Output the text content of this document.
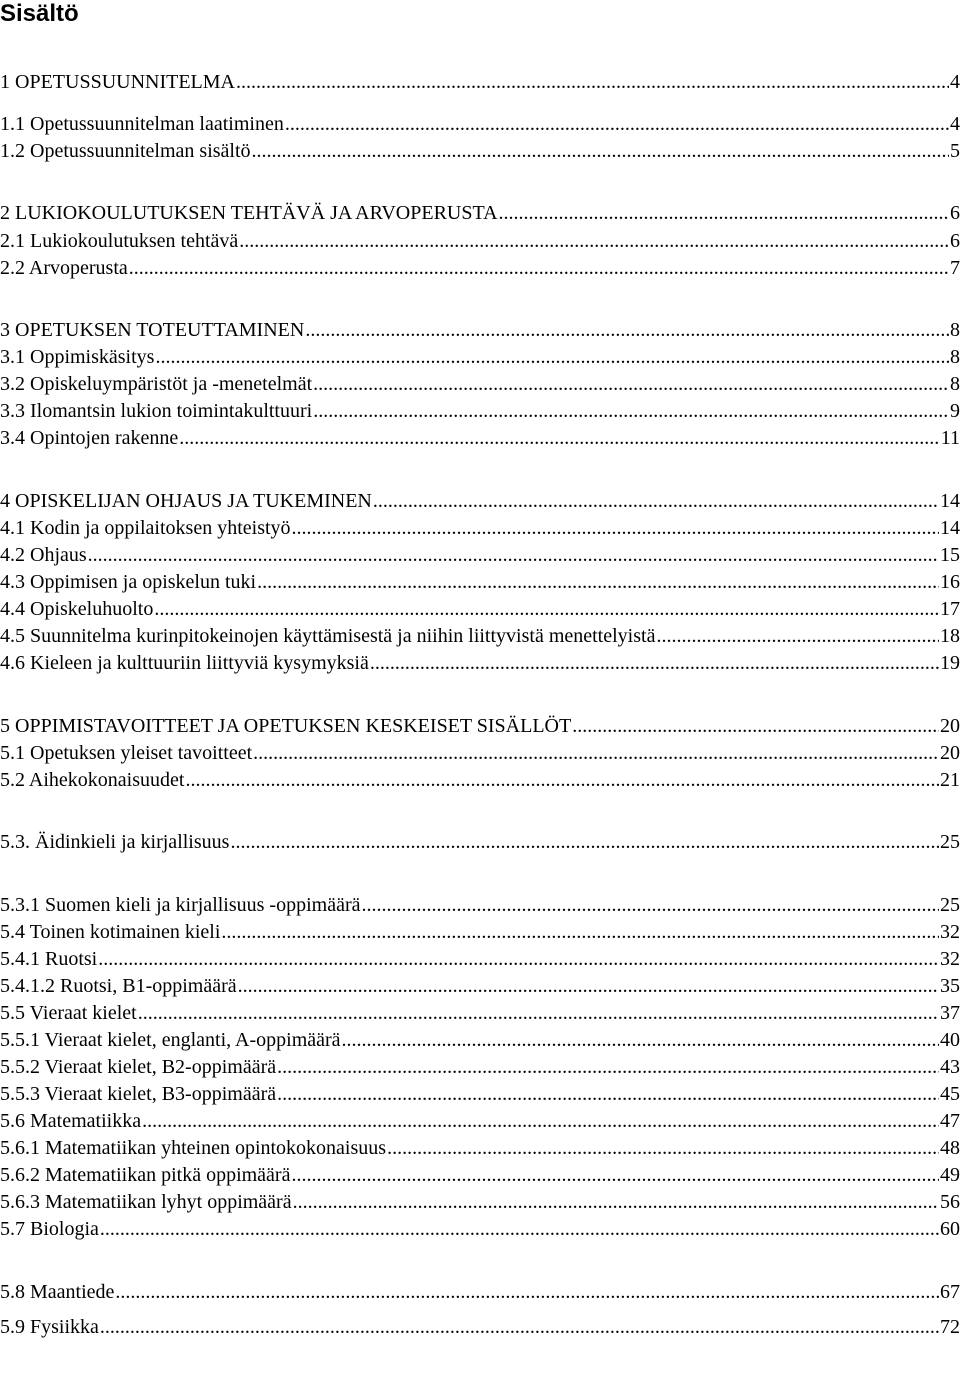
Sisältö
1 OPETUSSUUNNITELMA .....	4
1.1 Opetussuunnitelman laatiminen .....	4
1.2 Opetussuunnitelman sisältö .....	5
2 LUKIOKOULUTUKSEN TEHTÄVÄ JA ARVOPERUSTA .....	6
2.1 Lukiokoulutuksen tehtävä .....	6
2.2 Arvoperusta .....	7
3 OPETUKSEN TOTEUTTAMINEN .....	8
3.1 Oppimiskäsitys .....	8
3.2 Opiskeluympäristöt ja -menetelmät .....	8
3.3 Ilomantsin lukion toimintakulttuuri .....	9
3.4 Opintojen rakenne .....	11
4 OPISKELIJAN OHJAUS JA TUKEMINEN .....	14
4.1 Kodin ja oppilaitoksen yhteistyö .....	14
4.2 Ohjaus .....	15
4.3 Oppimisen ja opiskelun tuki .....	16
4.4 Opiskeluhuolto .....	17
4.5 Suunnitelma kurinpitokeinojen käyttämisestä ja niihin liittyvistä menettelyistä .....	18
4.6 Kieleen ja kulttuuriin liittyviä kysymyksiä .....	19
5 OPPIMISTAVOITTEET JA OPETUKSEN KESKEISET SISÄLLÖT .....	20
5.1 Opetuksen yleiset tavoitteet .....	20
5.2 Aihekokonaisuudet .....	21
5.3. Äidinkieli ja kirjallisuus .....	25
5.3.1 Suomen kieli ja kirjallisuus -oppimäärä .....	25
5.4 Toinen kotimainen kieli .....	32
5.4.1 Ruotsi .....	32
5.4.1.2 Ruotsi, B1-oppimäärä .....	35
5.5 Vieraat kielet .....	37
5.5.1 Vieraat kielet, englanti, A-oppimäärä .....	40
5.5.2 Vieraat kielet, B2-oppimäärä .....	43
5.5.3 Vieraat kielet, B3-oppimäärä .....	45
5.6 Matematiikka .....	47
5.6.1 Matematiikan yhteinen opintokokonaisuus .....	48
5.6.2 Matematiikan pitkä oppimäärä .....	49
5.6.3 Matematiikan lyhyt oppimäärä .....	56
5.7 Biologia .....	60
5.8 Maantiede .....	67
5.9 Fysiikka .....	72
